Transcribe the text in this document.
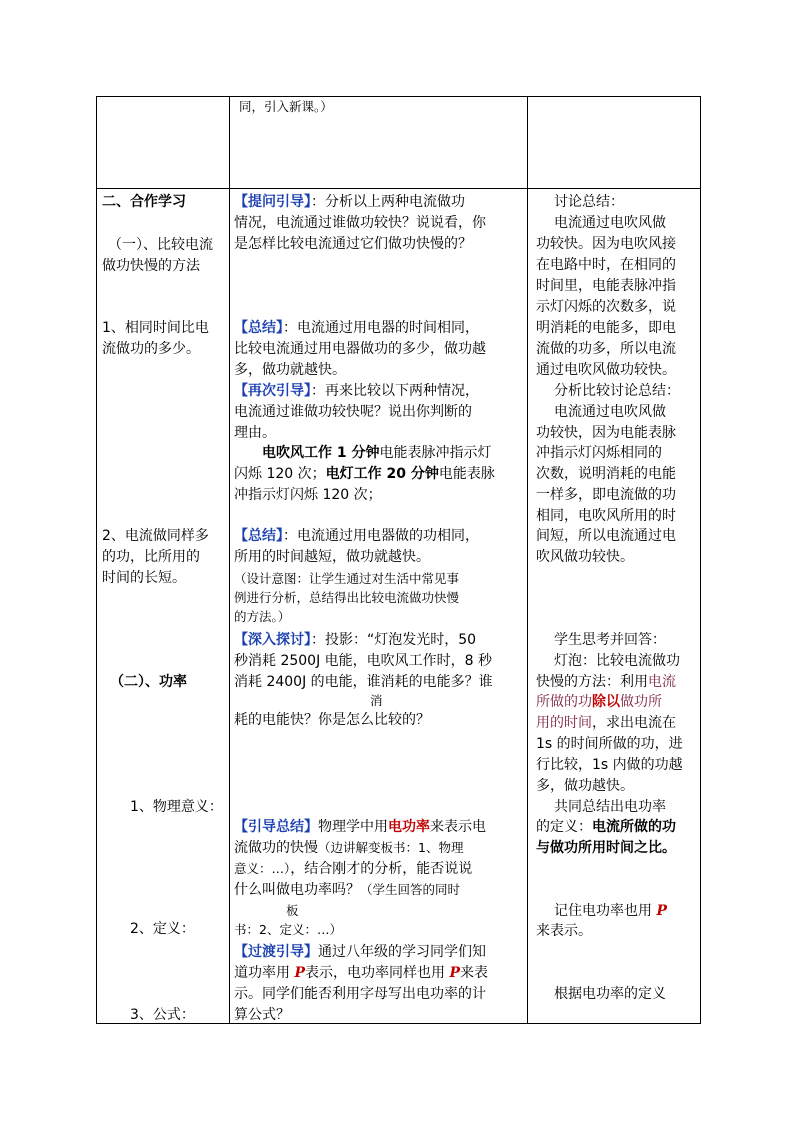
同，引入新课。）
二、合作学习
（一）、比较电流
做功快慢的方法
1、相同时间比电
流做功的多少。
2、电流做同样多
的功，比所用的
时间的长短。
（二）、功率
1、物理意义：
2、定义：
3、公式：
【提问引导】：分析以上两种电流做功
情况，电流通过谁做功较快？说说看，你
是怎样比较电流通过它们做功快慢的？
【总结】：电流通过用电器的时间相同，
比较电流通过用电器做功的多少，做功越
多，做功就越快。
【再次引导】：再来比较以下两种情况，
电流通过谁做功较快呢？说出你判断的
理由。
电吹风工作 1 分钟电能表脉冲指示灯
闪烁 120 次；电灯工作 20 分钟电能表脉
冲指示灯闪烁 120 次；
【总结】：电流通过用电器做的功相同，
所用的时间越短，做功就越快。
（设计意图：让学生通过对生活中常见事
例进行分析，总结得出比较电流做功快慢
的方法。）
【深入探讨】：投影：“灯泡发光时，50
秒消耗 2500J 电能，电吹风工作时，8 秒
消耗 2400J 的电能，谁消耗的电能多？谁
消
耗的电能快？你是怎么比较的？
【引导总结】物理学中用电功率来表示电
流做功的快慢（边讲解变板书：1、物理
意义：…），结合刚才的分析，能否说说
什么叫做电功率吗？（学生回答的同时
板
书：2、定义：…）
【过渡引导】通过八年级的学习同学们知
道功率用 P表示，电功率同样也用 P来表
示。同学们能否利用字母写出电功率的计
算公式？
讨论总结：
电流通过电吹风做
功较快。因为电吹风接
在电路中时，在相同的
时间里，电能表脉冲指
示灯闪烁的次数多，说
明消耗的电能多，即电
流做的功多，所以电流
通过电吹风做功较快。
分析比较讨论总结：
电流通过电吹风做
功较快，因为电能表脉
冲指示灯闪烁相同的
次数，说明消耗的电能
一样多，即电流做的功
相同，电吹风所用的时
间短，所以电流通过电
吹风做功较快。
学生思考并回答：
灯泡：比较电流做功
快慢的方法：利用电流
所做的功除以做功所
用的时间，求出电流在
1s 的时间所做的功，进
行比较，1s 内做的功越
多，做功越快。
共同总结出电功率
的定义：电流所做的功
与做功所用时间之比。
记住电功率也用 P
来表示。
根据电功率的定义
